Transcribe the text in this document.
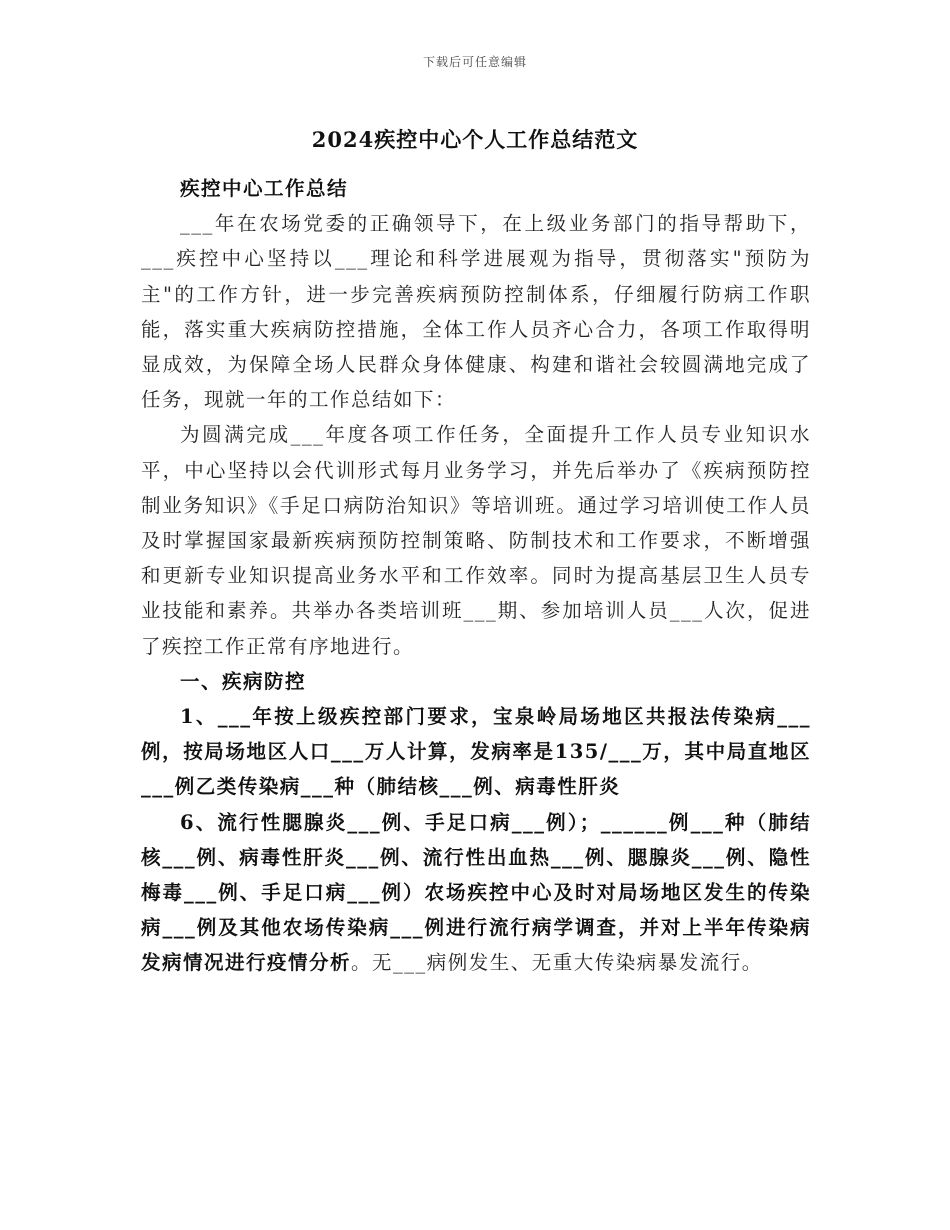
下载后可任意编辑
2024疾控中心个人工作总结范文

疾控中心工作总结

___年在农场党委的正确领导下，在上级业务部门的指导帮助下，___疾控中心坚持以___理论和科学进展观为指导，贯彻落实"预防为主"的工作方针，进一步完善疾病预防控制体系，仔细履行防病工作职能，落实重大疾病防控措施，全体工作人员齐心合力，各项工作取得明显成效，为保障全场人民群众身体健康、构建和谐社会较圆满地完成了任务，现就一年的工作总结如下：

为圆满完成___年度各项工作任务，全面提升工作人员专业知识水平，中心坚持以会代训形式每月业务学习，并先后举办了《疾病预防控制业务知识》《手足口病防治知识》等培训班。通过学习培训使工作人员及时掌握国家最新疾病预防控制策略、防制技术和工作要求，不断增强和更新专业知识提高业务水平和工作效率。同时为提高基层卫生人员专业技能和素养。共举办各类培训班___期、参加培训人员___人次，促进了疾控工作正常有序地进行。

一、疾病防控

1、___年按上级疾控部门要求，宝泉岭局场地区共报法传染病___例，按局场地区人口___万人计算，发病率是135/___万，其中局直地区___例乙类传染病___种（肺结核___例、病毒性肝炎

6、流行性腮腺炎___例、手足口病___例）；______例___种（肺结核___例、病毒性肝炎___例、流行性出血热___例、腮腺炎___例、隐性梅毒___例、手足口病___例）农场疾控中心及时对局场地区发生的传染病___例及其他农场传染病___例进行流行病学调查，并对上半年传染病发病情况进行疫情分析。无___病例发生、无重大传染病暴发流行。
